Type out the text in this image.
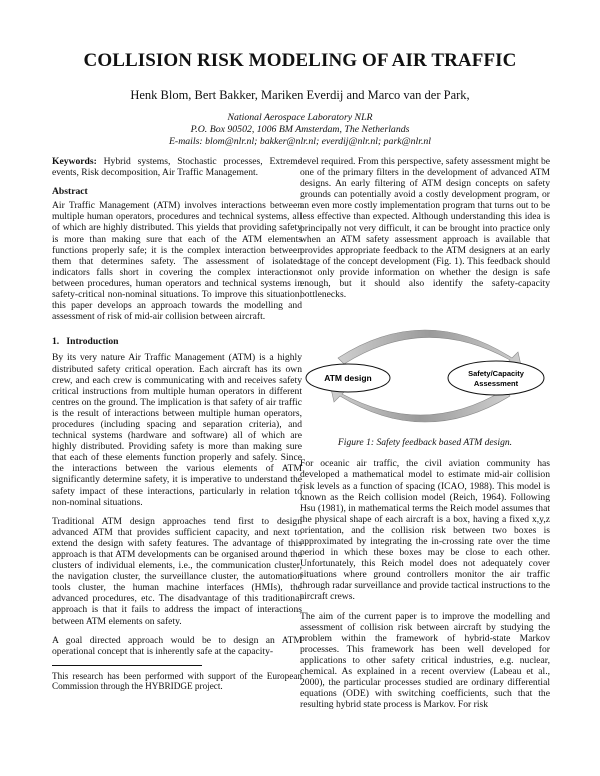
COLLISION RISK MODELING OF AIR TRAFFIC
Henk Blom, Bert Bakker, Mariken Everdij and Marco van der Park,
National Aerospace Laboratory NLR
P.O. Box 90502, 1006 BM Amsterdam, The Netherlands
E-mails: blom@nlr.nl; bakker@nlr.nl; everdij@nlr.nl; park@nlr.nl

Keywords: Hybrid systems, Stochastic processes, Extreme events, Risk decomposition, Air Traffic Management.

Abstract

Air Traffic Management (ATM) involves interactions between multiple human operators, procedures and technical systems, all of which are highly distributed. This yields that providing safety is more than making sure that each of the ATM elements functions properly safe; it is the complex interaction between them that determines safety. The assessment of isolated indicators falls short in covering the complex interactions between procedures, human operators and technical systems in safety-critical non-nominal situations. To improve this situation, this paper develops an approach towards the modelling and assessment of risk of mid-air collision between aircraft.

1.   Introduction

By its very nature Air Traffic Management (ATM) is a highly distributed safety critical operation. Each aircraft has its own crew, and each crew is communicating with and receives safety critical instructions from multiple human operators in different centres on the ground. The implication is that safety of air traffic is the result of interactions between multiple human operators, procedures (including spacing and separation criteria), and technical systems (hardware and software) all of which are highly distributed. Providing safety is more than making sure that each of these elements function properly and safely. Since the interactions between the various elements of ATM significantly determine safety, it is imperative to understand the safety impact of these interactions, particularly in relation to non-nominal situations.

Traditional ATM design approaches tend first to design advanced ATM that provides sufficient capacity, and next to extend the design with safety features. The advantage of this approach is that ATM developments can be organised around the clusters of individual elements, i.e., the communication cluster, the navigation cluster, the surveillance cluster, the automation tools cluster, the human machine interfaces (HMIs), the advanced procedures, etc. The disadvantage of this traditional approach is that it fails to address the impact of interactions between ATM elements on safety.

A goal directed approach would be to design an ATM operational concept that is inherently safe at the capacity-

This research has been performed with support of the European Commission through the HYBRIDGE project.

level required. From this perspective, safety assessment might be one of the primary filters in the development of advanced ATM designs. An early filtering of ATM design concepts on safety grounds can potentially avoid a costly development program, or an even more costly implementation program that turns out to be less effective than expected. Although understanding this idea is principally not very difficult, it can be brought into practice only when an ATM safety assessment approach is available that provides appropriate feedback to the ATM designers at an early stage of the concept development (Fig. 1). This feedback should not only provide information on whether the design is safe enough, but it should also identify the safety-capacity bottlenecks.

ATM design	Safety/Capacity
Assessment
Figure 1: Safety feedback based ATM design.

For oceanic air traffic, the civil aviation community has developed a mathematical model to estimate mid-air collision risk levels as a function of spacing (ICAO, 1988). This model is known as the Reich collision model (Reich, 1964). Following Hsu (1981), in mathematical terms the Reich model assumes that the physical shape of each aircraft is a box, having a fixed x,y,z orientation, and the collision risk between two boxes is approximated by integrating the in-crossing rate over the time period in which these boxes may be close to each other. Unfortunately, this Reich model does not adequately cover situations where ground controllers monitor the air traffic through radar surveillance and provide tactical instructions to the aircraft crews.

The aim of the current paper is to improve the modelling and assessment of collision risk between aircraft by studying the problem within the framework of hybrid-state Markov processes. This framework has been well developed for applications to other safety critical industries, e.g. nuclear, chemical. As explained in a recent overview (Labeau et al., 2000), the particular processes studied are ordinary differential equations (ODE) with switching coefficients, such that the resulting hybrid state process is Markov. For risk
